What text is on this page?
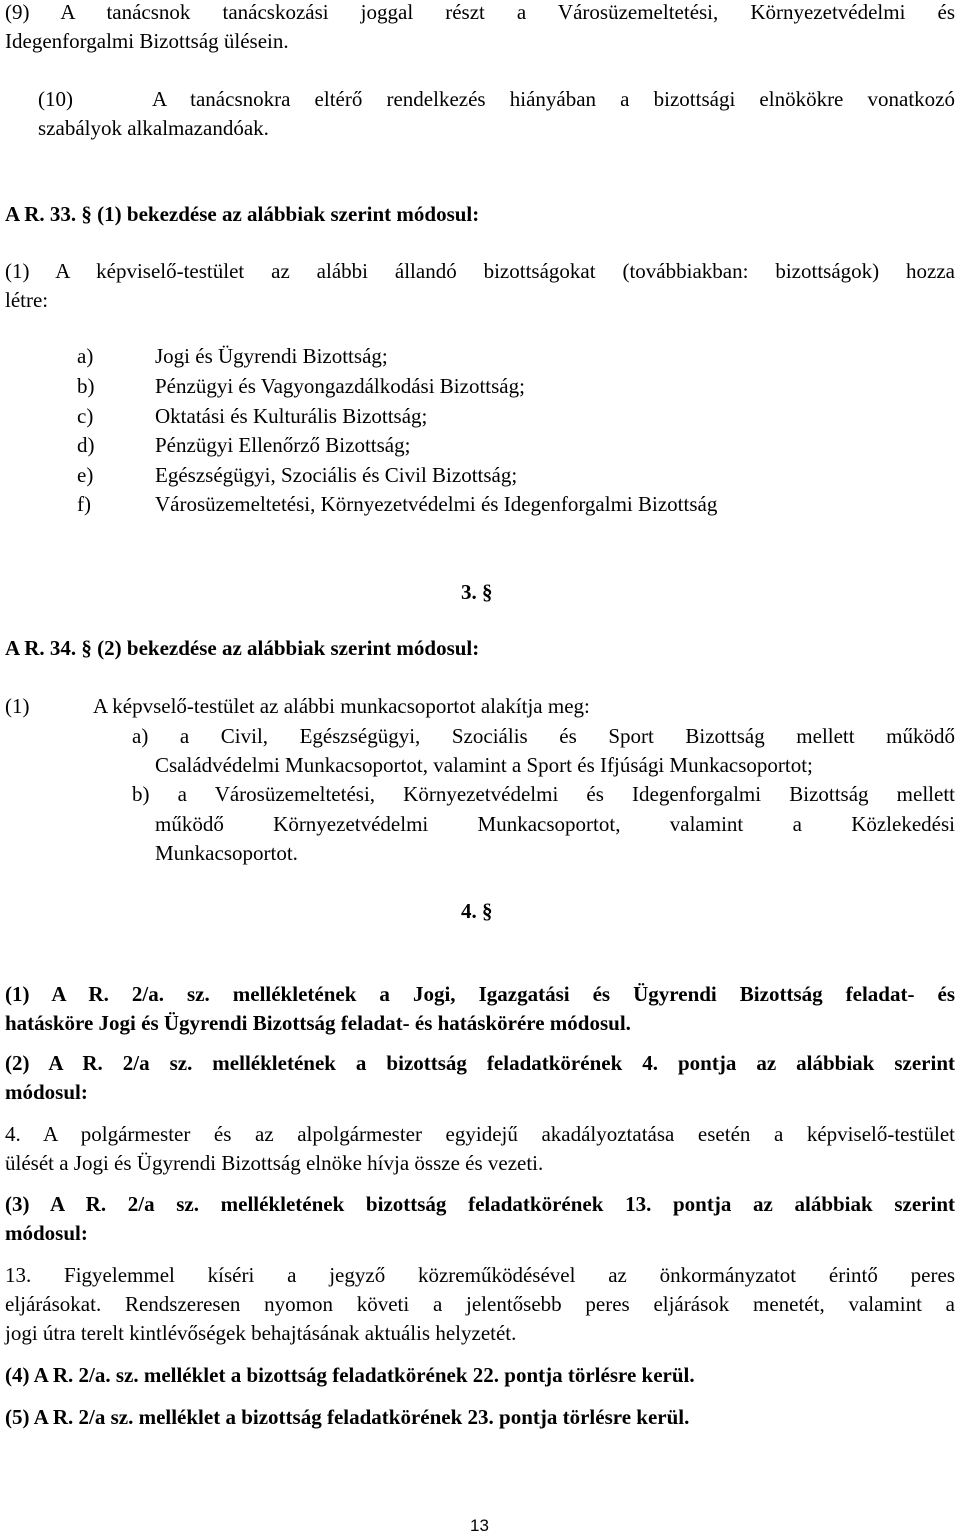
(9) A tanácsnok tanácskozási joggal részt a Városüzemeltetési, Környezetvédelmi és

Idegenforgalmi Bizottság ülésein.

(10)	A tanácsnokra eltérő rendelkezés hiányában a bizottsági elnökökre vonatkozó

szabályok alkalmazandóak.

A R. 33. § (1) bekezdése az alábbiak szerint módosul:

(1) A képviselő-testület az alábbi állandó bizottságokat (továbbiakban: bizottságok) hozza

létre:

a)	Jogi és Ügyrendi Bizottság;
b)	Pénzügyi és Vagyongazdálkodási Bizottság;
c)	Oktatási és Kulturális Bizottság;
d)	Pénzügyi Ellenőrző Bizottság;
e)	Egészségügyi, Szociális és Civil Bizottság;
f)	Városüzemeltetési, Környezetvédelmi és Idegenforgalmi Bizottság

3. §

A R. 34. § (2) bekezdése az alábbiak szerint módosul:

(1)	A képvselő-testület az alábbi munkacsoportot alakítja meg:

a) a Civil, Egészségügyi, Szociális és Sport Bizottság mellett működő

Családvédelmi Munkacsoportot, valamint a Sport és Ifjúsági Munkacsoportot;

b) a Városüzemeltetési, Környezetvédelmi és Idegenforgalmi Bizottság mellett

működő Környezetvédelmi Munkacsoportot, valamint a Közlekedési

Munkacsoportot.

4. §

(1) A R. 2/a. sz. mellékletének a Jogi, Igazgatási és Ügyrendi Bizottság feladat- és

hatásköre Jogi és Ügyrendi Bizottság feladat- és hatáskörére módosul.

(2) A R. 2/a sz. mellékletének a bizottság feladatkörének 4. pontja az alábbiak szerint

módosul:

4. A polgármester és az alpolgármester egyidejű akadályoztatása esetén a képviselő-testület

ülését a Jogi és Ügyrendi Bizottság elnöke hívja össze és vezeti.

(3) A R. 2/a sz. mellékletének bizottság feladatkörének 13. pontja az alábbiak szerint

módosul:

13. Figyelemmel kíséri a jegyző közreműködésével az önkormányzatot érintő peres

eljárásokat. Rendszeresen nyomon követi a jelentősebb peres eljárások menetét, valamint a

jogi útra terelt kintlévőségek behajtásának aktuális helyzetét.

(4) A R. 2/a. sz. melléklet a bizottság feladatkörének 22. pontja törlésre kerül.

(5) A R. 2/a sz. melléklet a bizottság feladatkörének 23. pontja törlésre kerül.

13
